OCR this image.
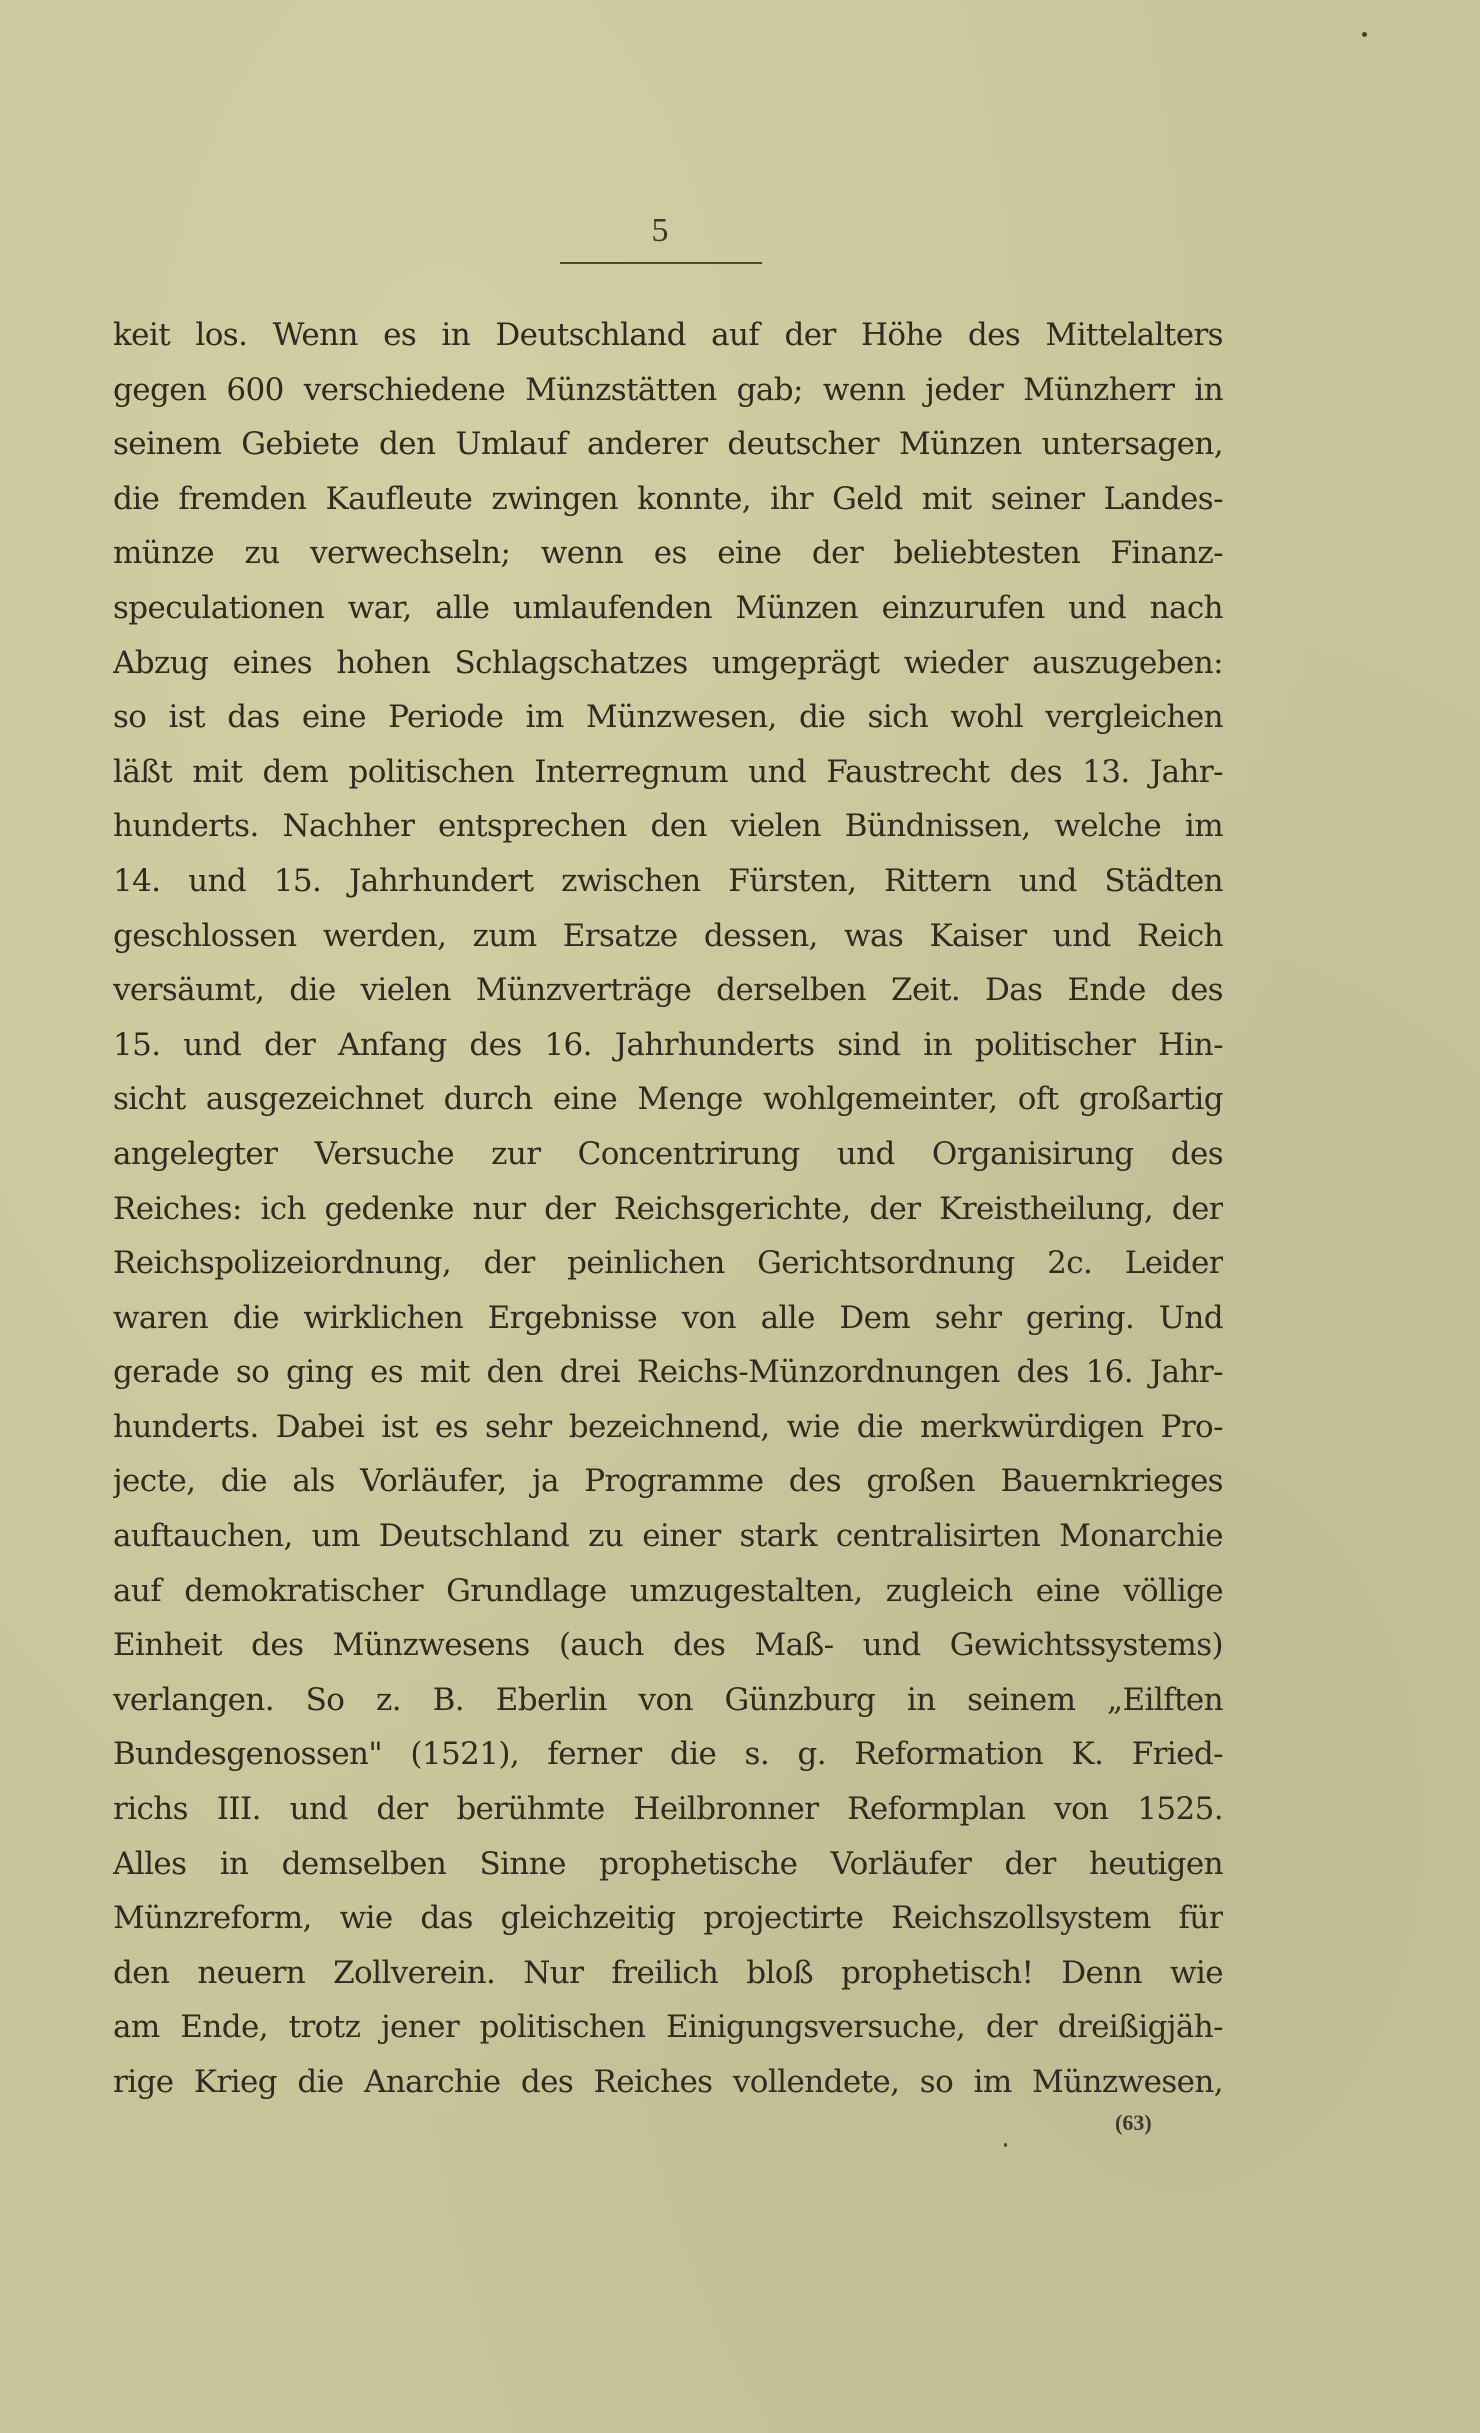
5
keit los. Wenn es in Deutschland auf der Höhe des Mittelalters
gegen 600 verschiedene Münzstätten gab; wenn jeder Münzherr in
seinem Gebiete den Umlauf anderer deutscher Münzen untersagen,
die fremden Kaufleute zwingen konnte, ihr Geld mit seiner Landes-
münze zu verwechseln; wenn es eine der beliebtesten Finanz-
speculationen war, alle umlaufenden Münzen einzurufen und nach
Abzug eines hohen Schlagschatzes umgeprägt wieder auszugeben:
so ist das eine Periode im Münzwesen, die sich wohl vergleichen
läßt mit dem politischen Interregnum und Faustrecht des 13. Jahr-
hunderts. Nachher entsprechen den vielen Bündnissen, welche im
14. und 15. Jahrhundert zwischen Fürsten, Rittern und Städten
geschlossen werden, zum Ersatze dessen, was Kaiser und Reich
versäumt, die vielen Münzverträge derselben Zeit. Das Ende des
15. und der Anfang des 16. Jahrhunderts sind in politischer Hin-
sicht ausgezeichnet durch eine Menge wohlgemeinter, oft großartig
angelegter Versuche zur Concentrirung und Organisirung des
Reiches: ich gedenke nur der Reichsgerichte, der Kreistheilung, der
Reichspolizeiordnung, der peinlichen Gerichtsordnung 2c. Leider
waren die wirklichen Ergebnisse von alle Dem sehr gering. Und
gerade so ging es mit den drei Reichs-Münzordnungen des 16. Jahr-
hunderts. Dabei ist es sehr bezeichnend, wie die merkwürdigen Pro-
jecte, die als Vorläufer, ja Programme des großen Bauernkrieges
auftauchen, um Deutschland zu einer stark centralisirten Monarchie
auf demokratischer Grundlage umzugestalten, zugleich eine völlige
Einheit des Münzwesens (auch des Maß- und Gewichtssystems)
verlangen. So z. B. Eberlin von Günzburg in seinem „Eilften
Bundesgenossen" (1521), ferner die s. g. Reformation K. Fried-
richs III. und der berühmte Heilbronner Reformplan von 1525.
Alles in demselben Sinne prophetische Vorläufer der heutigen
Münzreform, wie das gleichzeitig projectirte Reichszollsystem für
den neuern Zollverein. Nur freilich bloß prophetisch! Denn wie
am Ende, trotz jener politischen Einigungsversuche, der dreißigjäh-
rige Krieg die Anarchie des Reiches vollendete, so im Münzwesen,
(63)
